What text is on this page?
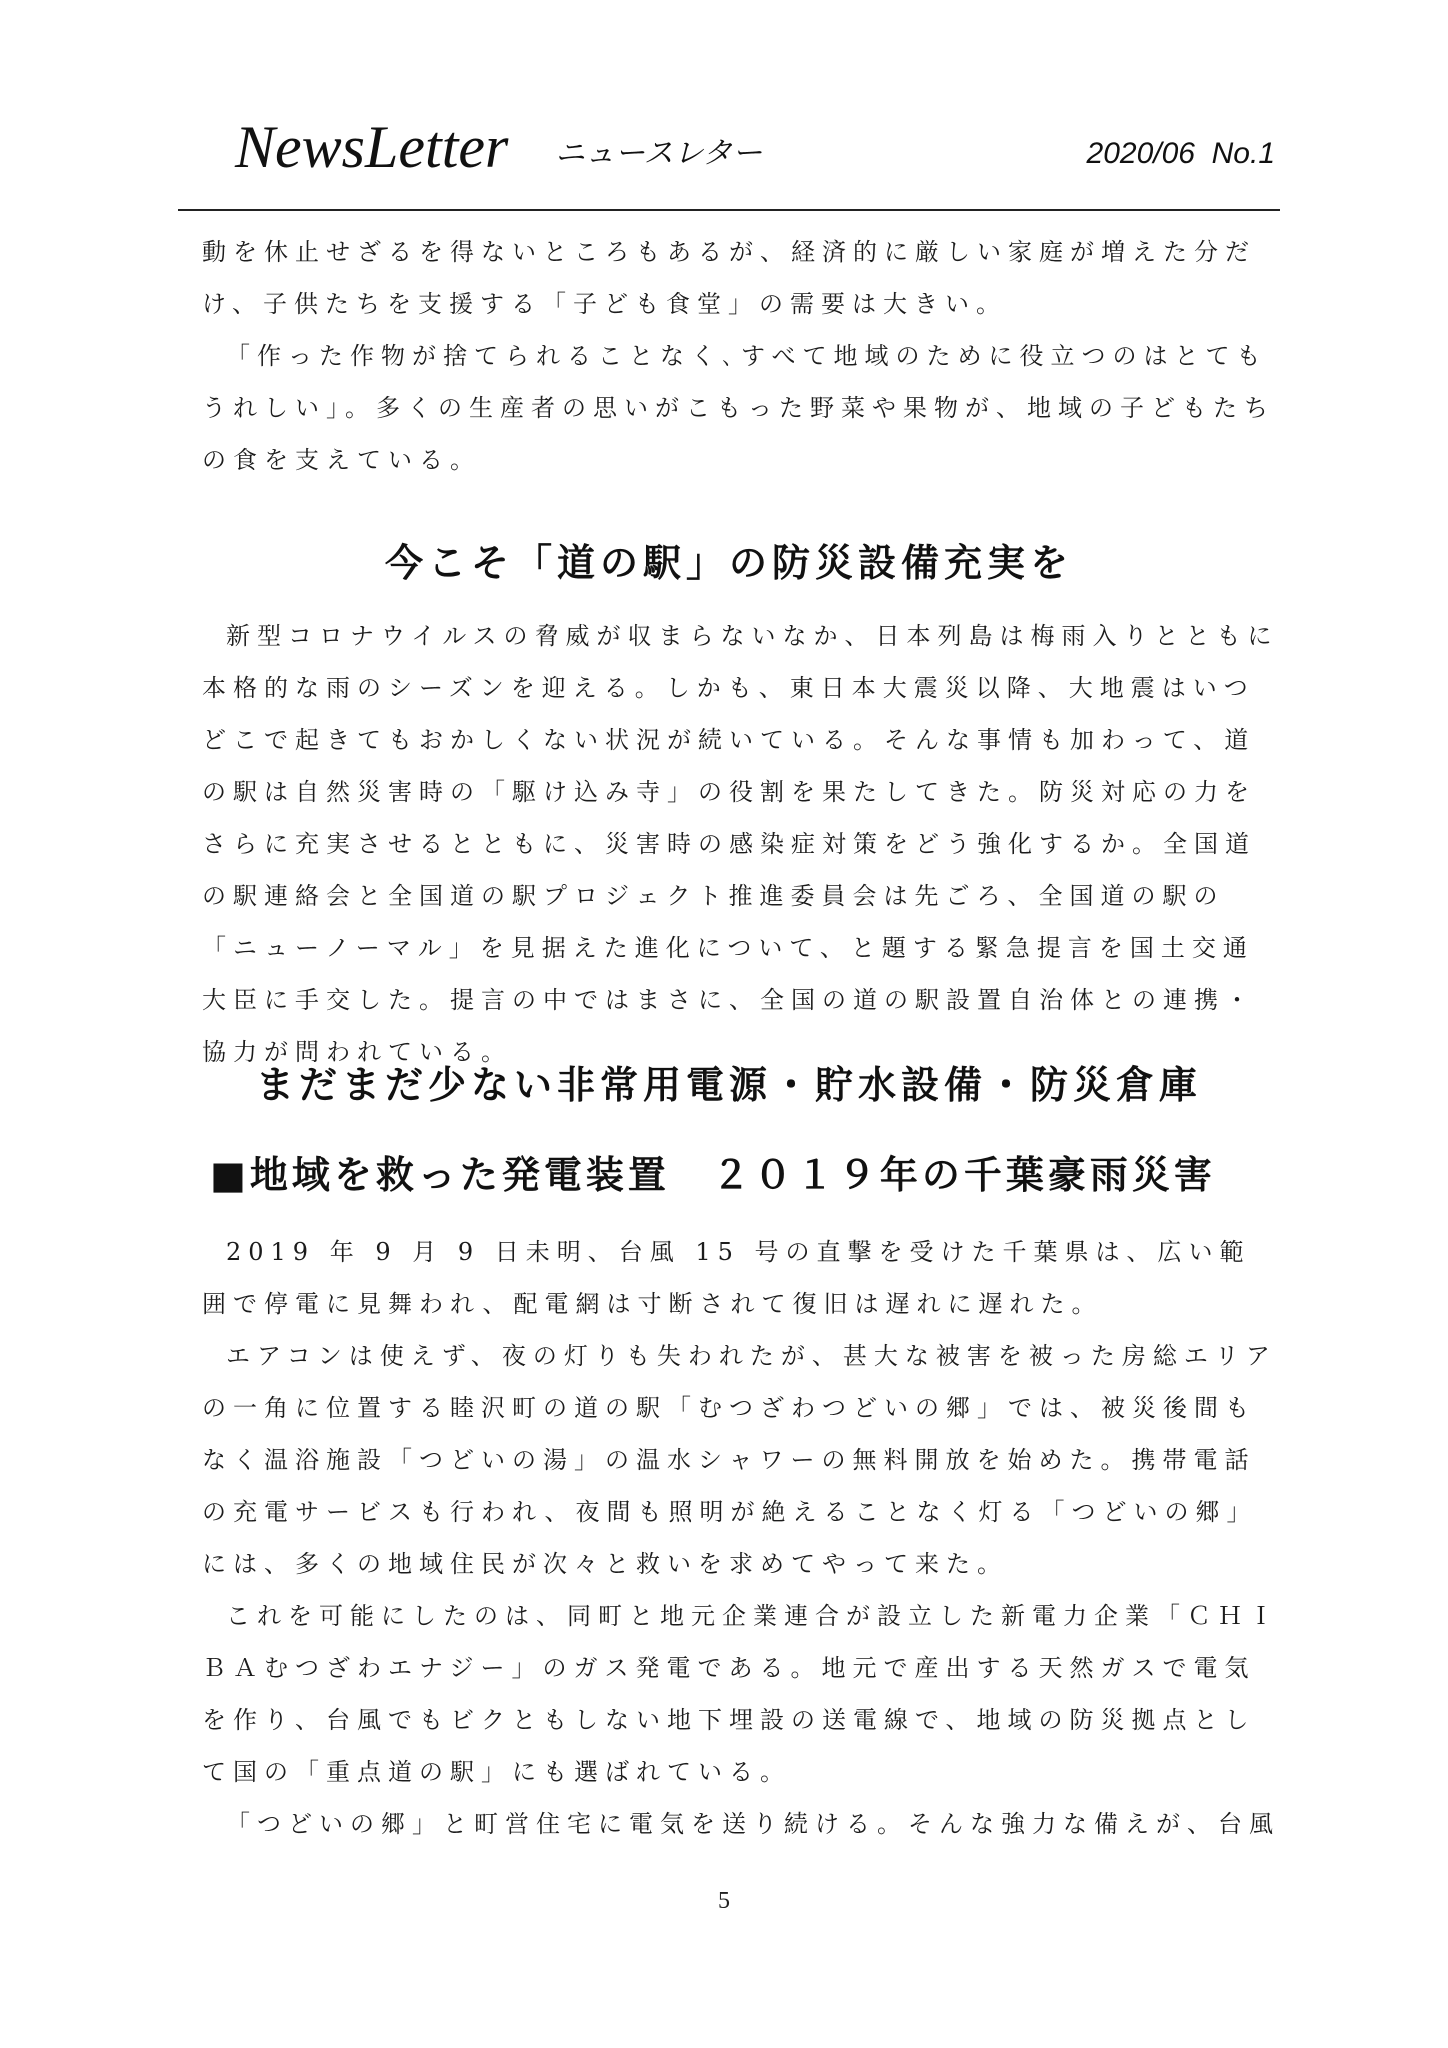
NewsLetter ニュースレター	2020/06  No.1

動を休止せざるを得ないところもあるが、経済的に厳しい家庭が増えた分だけ、子供たちを支援する「子ども食堂」の需要は大きい。

「作った作物が捨てられることなく､すべて地域のために役立つのはとてもうれしい」。多くの生産者の思いがこもった野菜や果物が、地域の子どもたちの食を支えている。

今こそ「道の駅」の防災設備充実を

新型コロナウイルスの脅威が収まらないなか、日本列島は梅雨入りとともに本格的な雨のシーズンを迎える。しかも、東日本大震災以降、大地震はいつどこで起きてもおかしくない状況が続いている。そんな事情も加わって、道の駅は自然災害時の「駆け込み寺」の役割を果たしてきた。防災対応の力をさらに充実させるとともに、災害時の感染症対策をどう強化するか。全国道の駅連絡会と全国道の駅プロジェクト推進委員会は先ごろ、全国道の駅の「ニューノーマル」を見据えた進化について、と題する緊急提言を国土交通大臣に手交した。提言の中ではまさに、全国の道の駅設置自治体との連携・協力が問われている。

まだまだ少ない非常用電源・貯水設備・防災倉庫
■地域を救った発電装置　２０１９年の千葉豪雨災害

2019 年 9 月 9 日未明、台風 15 号の直撃を受けた千葉県は、広い範囲で停電に見舞われ、配電網は寸断されて復旧は遅れに遅れた。

エアコンは使えず、夜の灯りも失われたが、甚大な被害を被った房総エリアの一角に位置する睦沢町の道の駅「むつざわつどいの郷」では、被災後間もなく温浴施設「つどいの湯」の温水シャワーの無料開放を始めた。携帯電話の充電サービスも行われ、夜間も照明が絶えることなく灯る「つどいの郷」には、多くの地域住民が次々と救いを求めてやって来た。

これを可能にしたのは、同町と地元企業連合が設立した新電力企業「ＣＨＩＢＡむつざわエナジー」のガス発電である。地元で産出する天然ガスで電気を作り、台風でもビクともしない地下埋設の送電線で、地域の防災拠点として国の「重点道の駅」にも選ばれている。

「つどいの郷」と町営住宅に電気を送り続ける。そんな強力な備えが、台風

5
